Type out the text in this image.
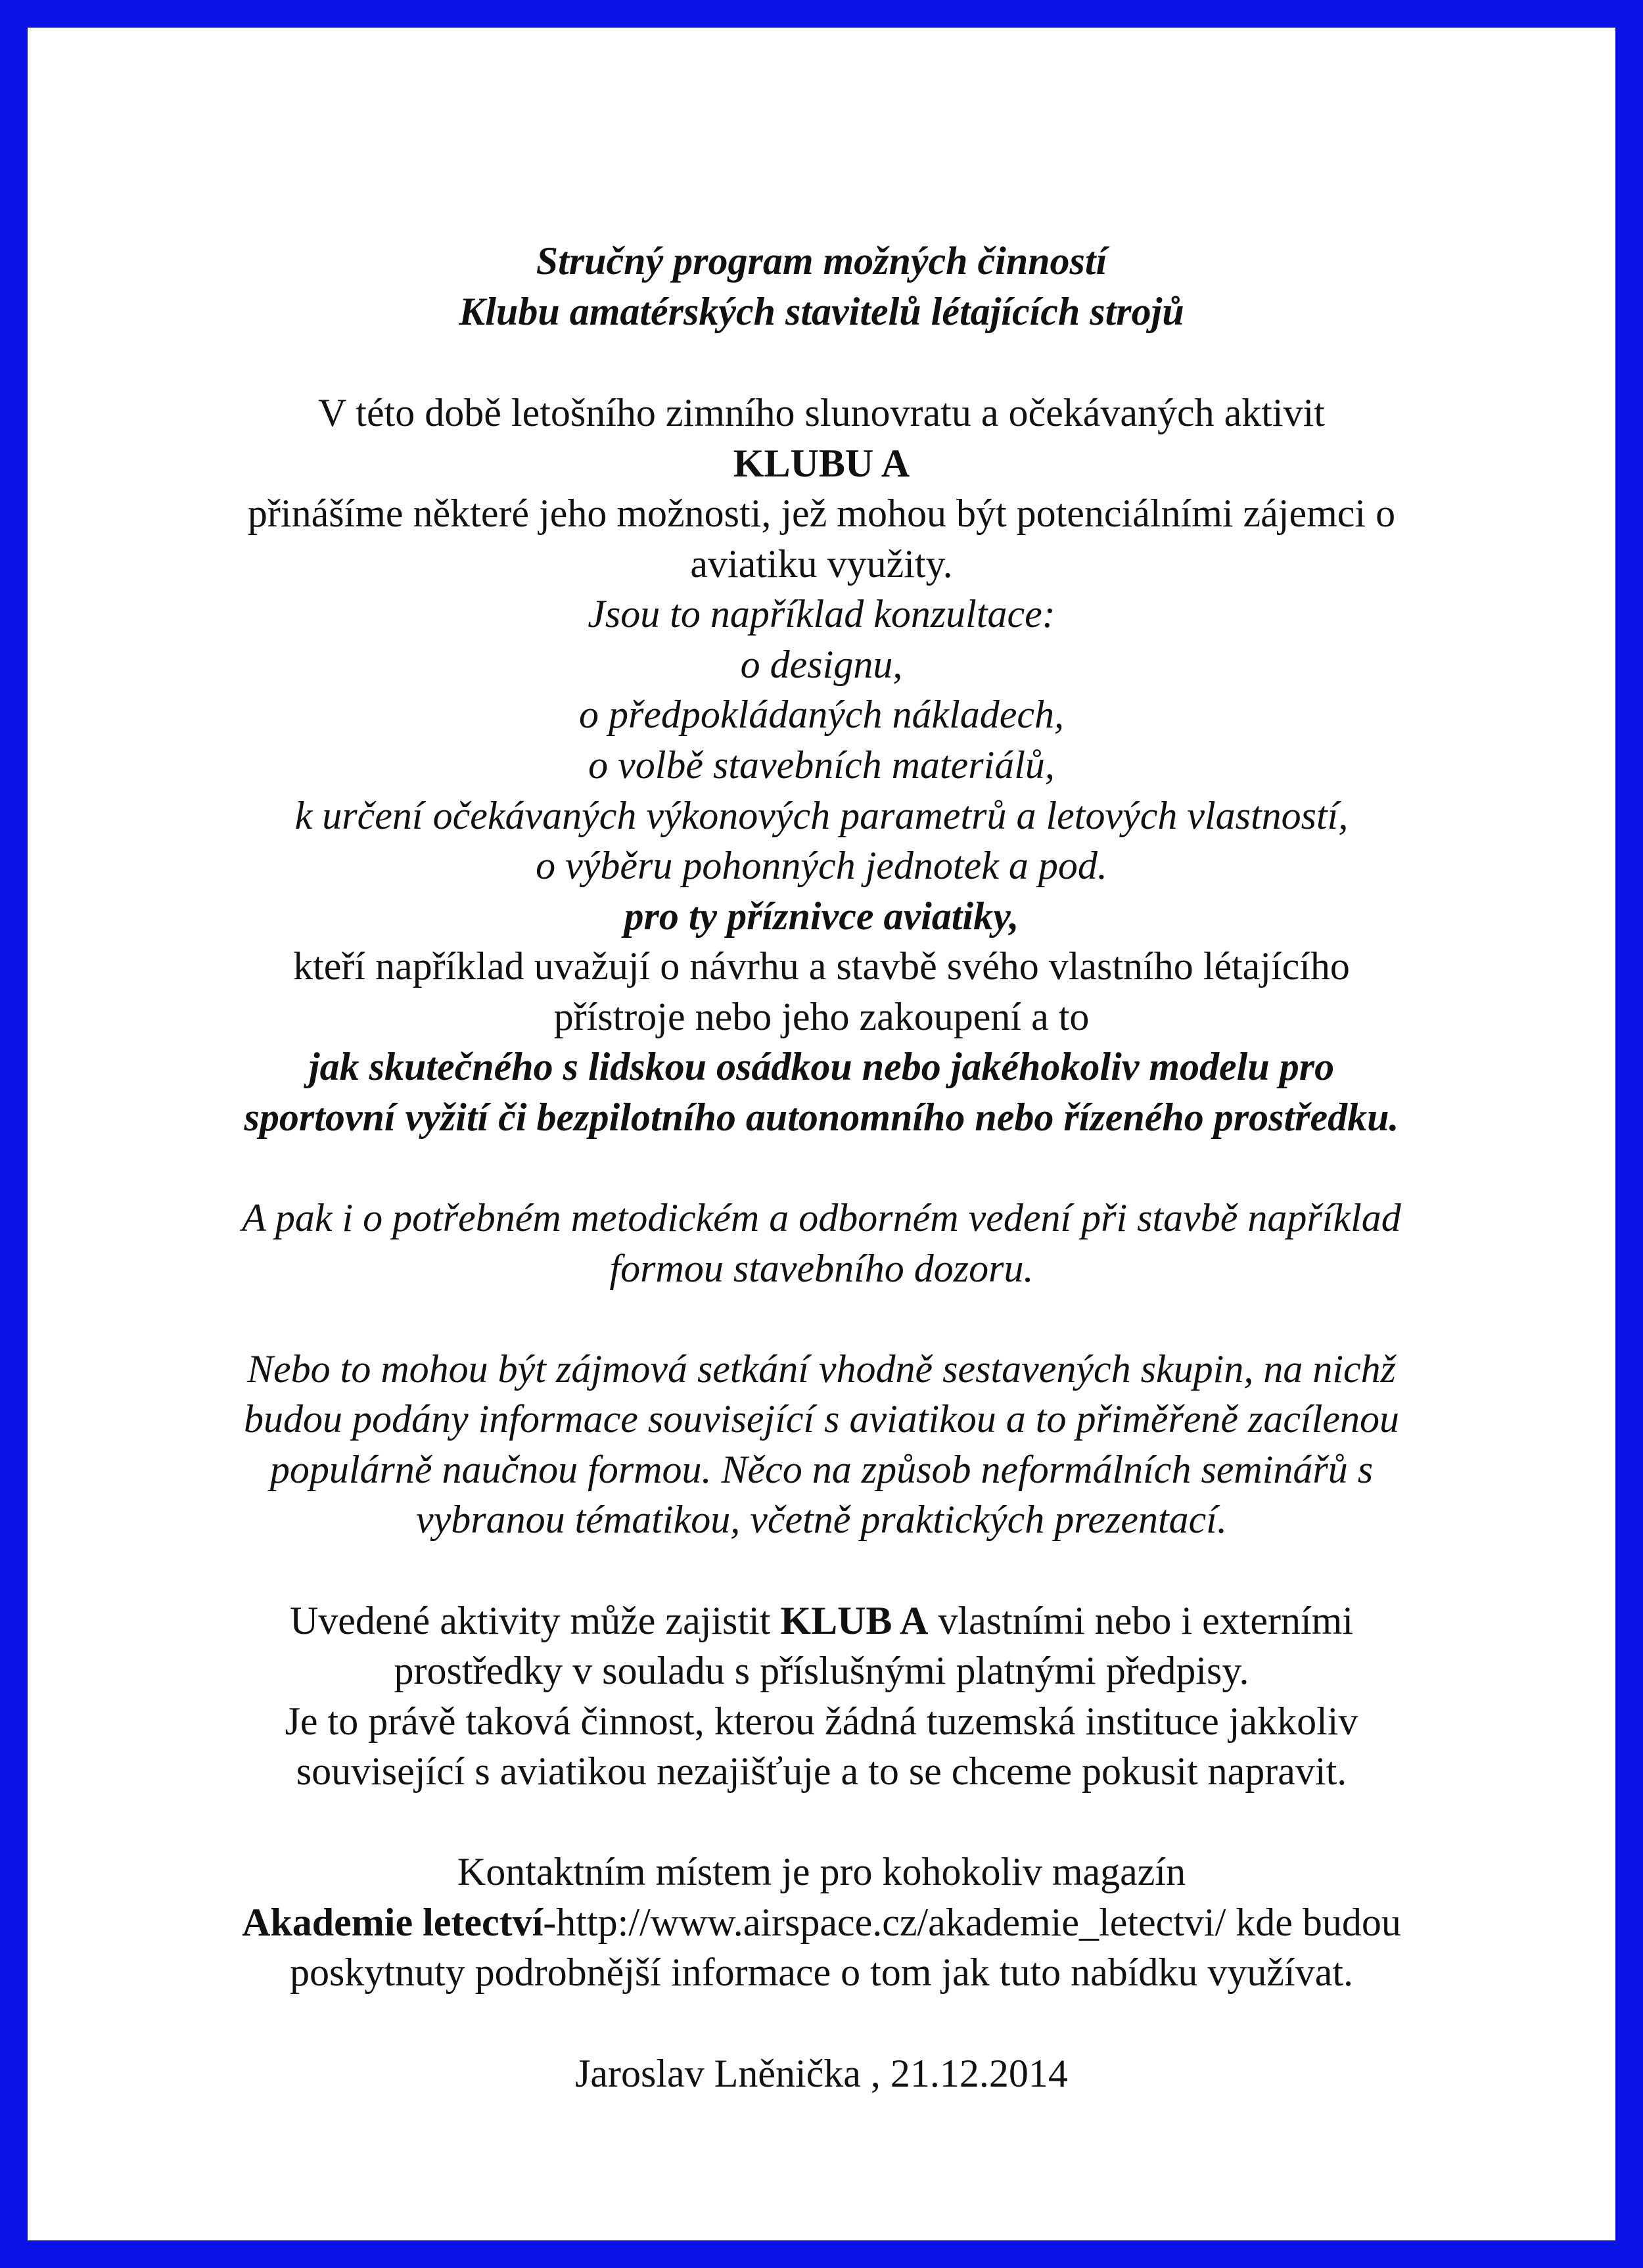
Stručný program možných činností
Klubu amatérských stavitelů létajících strojů
V této době letošního zimního slunovratu a očekávaných aktivit
KLUBU A
přinášíme některé jeho možnosti, jež mohou být potenciálními zájemci o
aviatiku využity.
Jsou to například konzultace:
o designu,
o předpokládaných nákladech,
o volbě stavebních materiálů,
k určení očekávaných výkonových parametrů a letových vlastností,
o výběru pohonných jednotek a pod.
pro ty příznivce aviatiky,
kteří například uvažují o návrhu a stavbě svého vlastního létajícího
přístroje nebo jeho zakoupení a to
jak skutečného s lidskou osádkou nebo jakéhokoliv modelu pro
sportovní vyžití či bezpilotního autonomního nebo řízeného prostředku.
A pak i o potřebném metodickém a odborném vedení při stavbě například
formou stavebního dozoru.
Nebo to mohou být zájmová setkání vhodně sestavených skupin, na nichž
budou podány informace související s aviatikou a to přiměřeně zacílenou
populárně naučnou formou. Něco na způsob neformálních seminářů s
vybranou tématikou, včetně praktických prezentací.
Uvedené aktivity může zajistit KLUB A vlastními nebo i externími
prostředky v souladu s příslušnými platnými předpisy.
Je to právě taková činnost, kterou žádná tuzemská instituce jakkoliv
související s aviatikou nezajišťuje a to se chceme pokusit napravit.
Kontaktním místem je pro kohokoliv magazín
Akademie letectví-http://www.airspace.cz/akademie_letectvi/ kde budou
poskytnuty podrobnější informace o tom jak tuto nabídku využívat.
Jaroslav Lněnička , 21.12.2014
